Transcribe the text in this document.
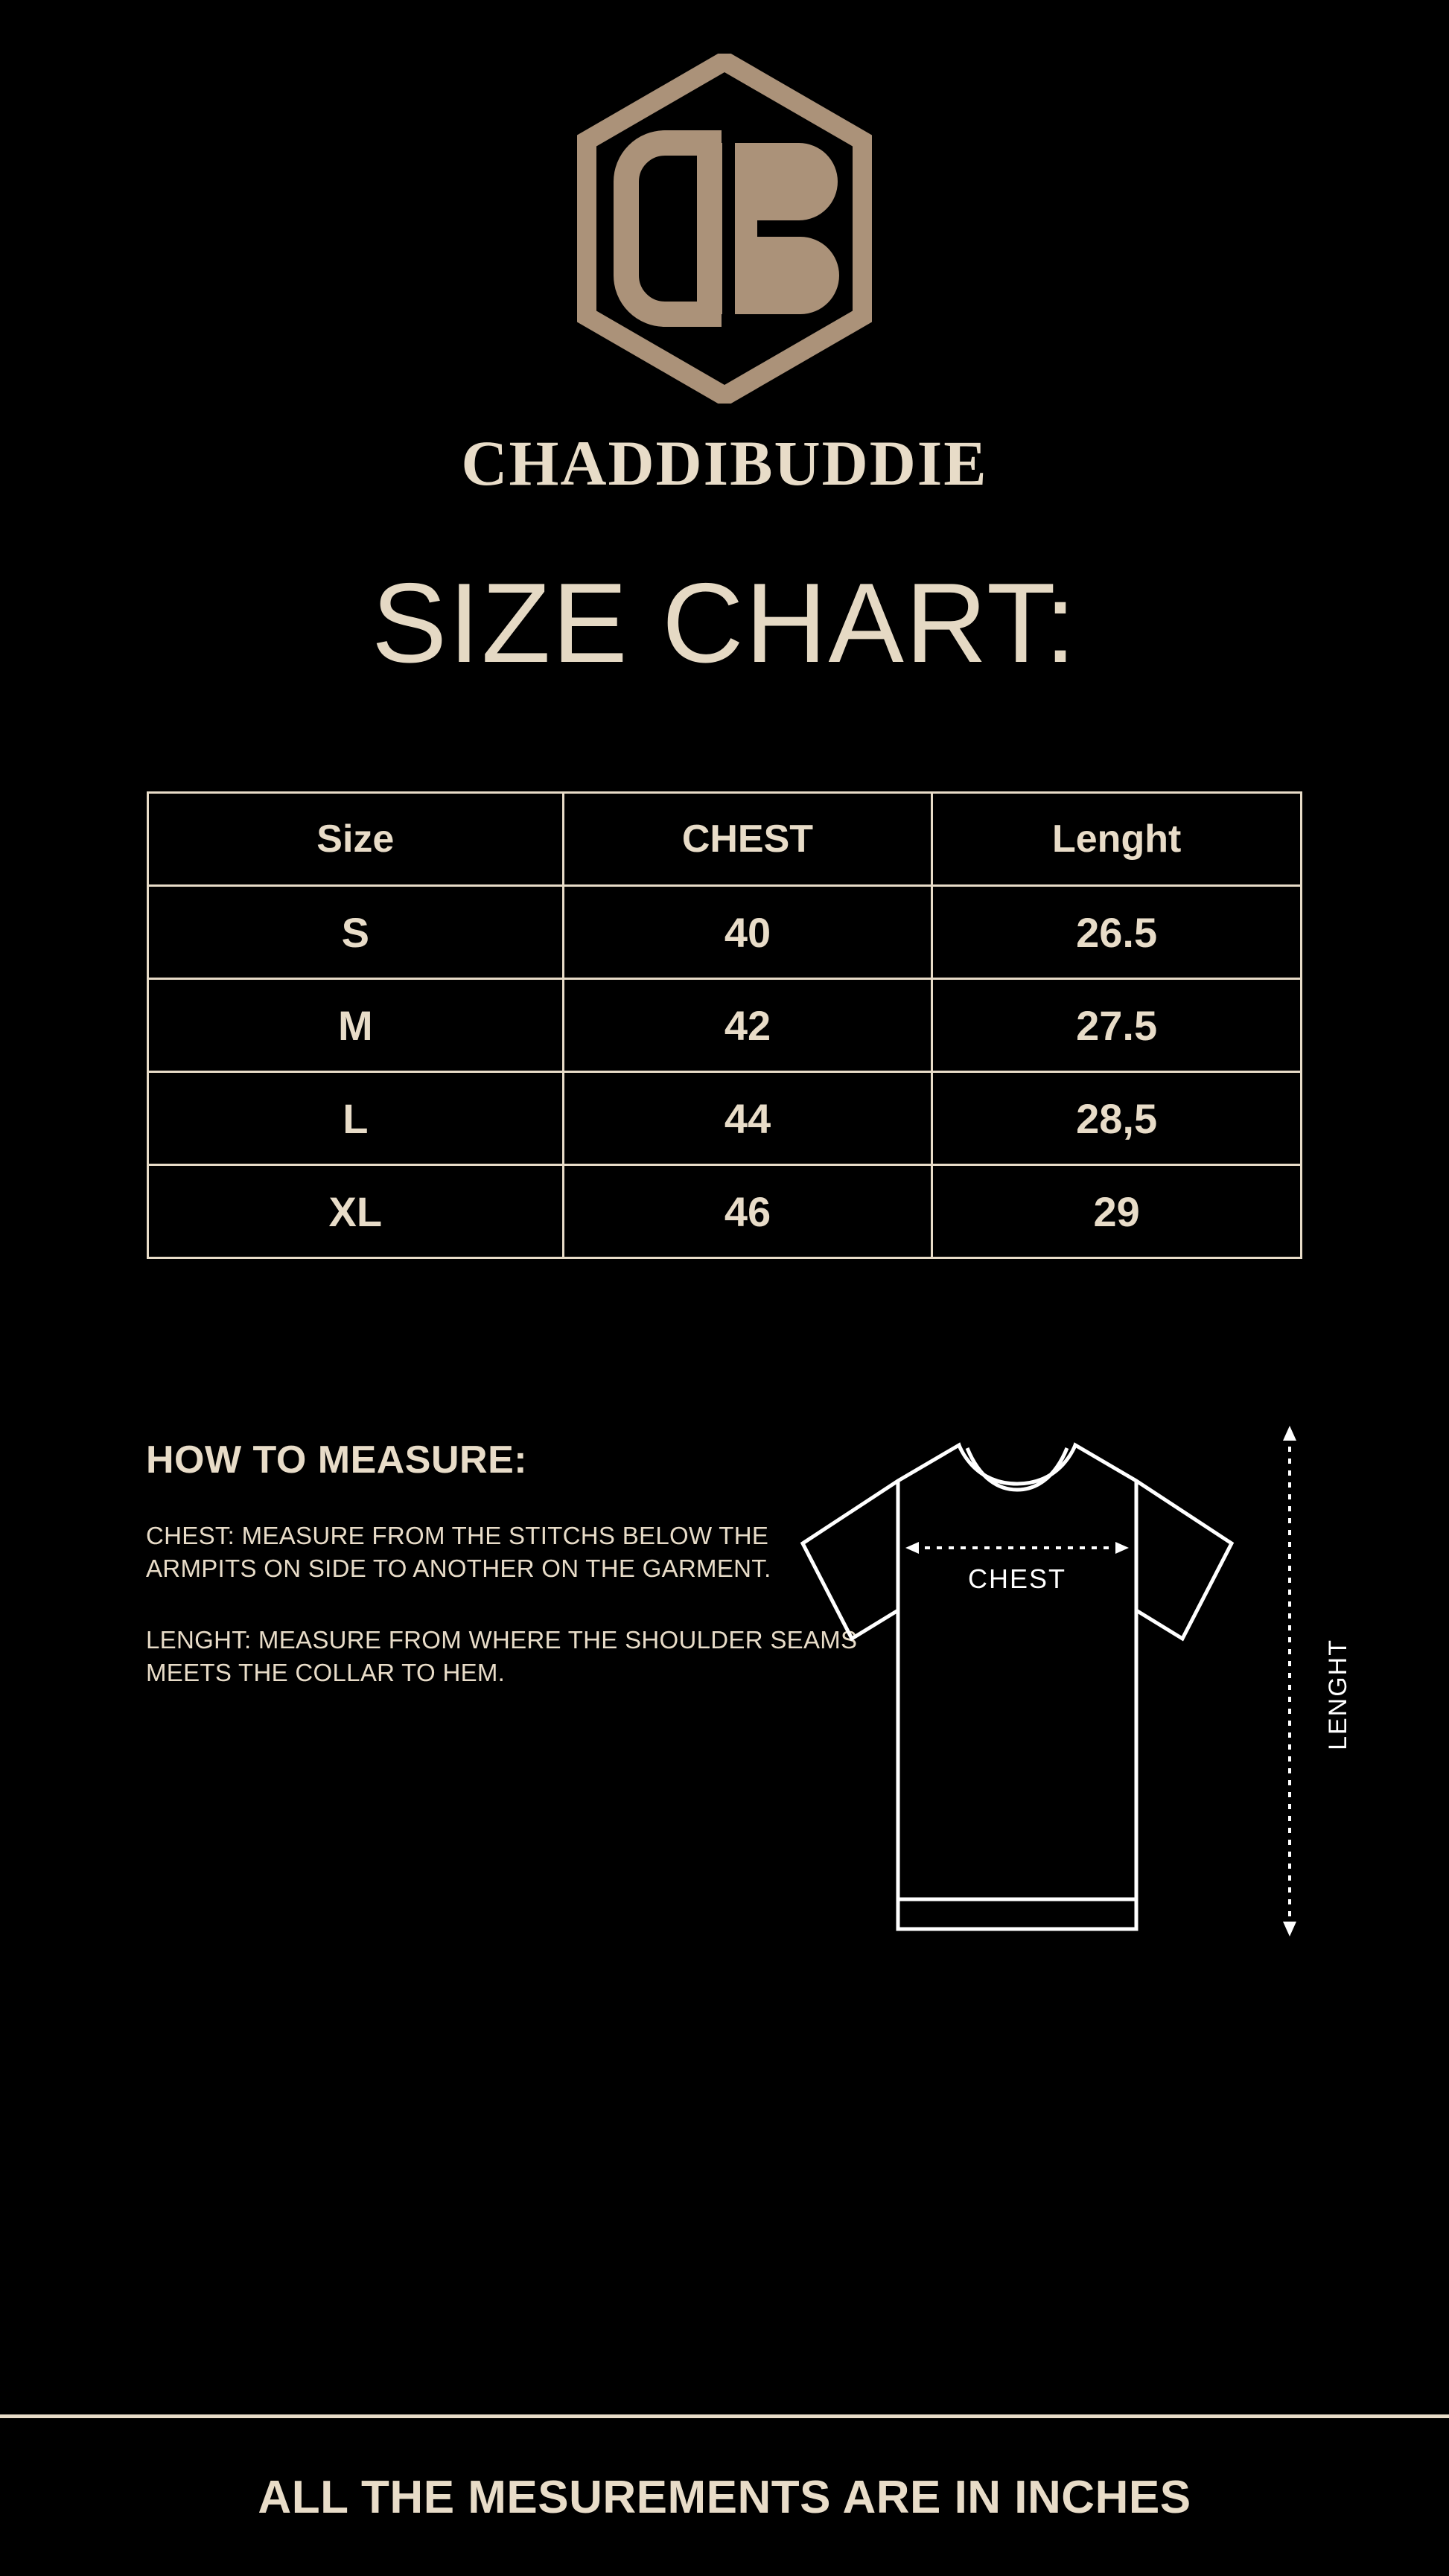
CHADDIBUDDIE
SIZE CHART:
Size	CHEST	Lenght
S	40	26.5
M	42	27.5
L	44	28,5
XL	46	29
HOW TO MEASURE:
CHEST: MEASURE FROM THE STITCHS BELOW THE ARMPITS ON SIDE TO ANOTHER ON THE GARMENT.
LENGHT: MEASURE FROM WHERE THE SHOULDER SEAMS MEETS THE COLLAR TO HEM.
CHEST
LENGHT
ALL THE MESUREMENTS ARE IN INCHES
